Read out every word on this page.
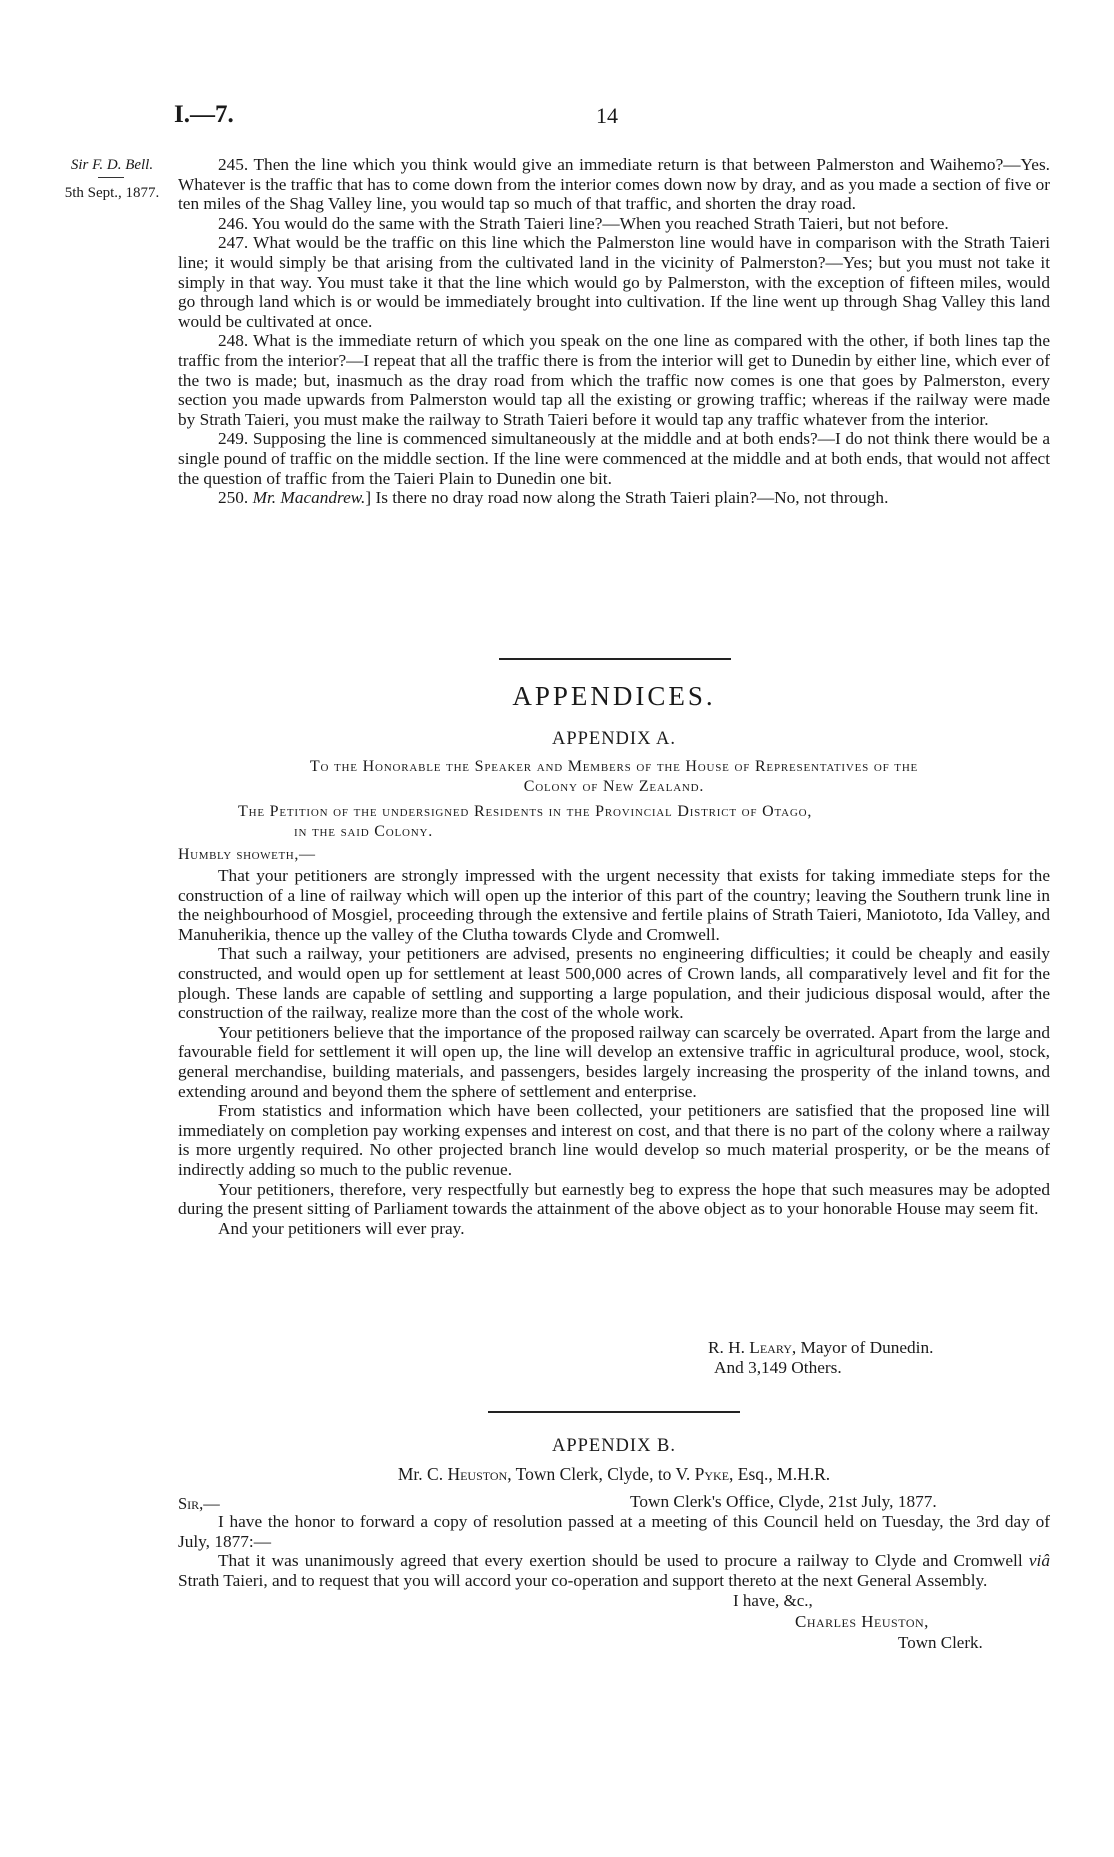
I.—7.	14
Sir F. D. Bell.
5th Sept., 1877.

245. Then the line which you think would give an immediate return is that between Palmerston and Waihemo?—Yes. Whatever is the traffic that has to come down from the interior comes down now by dray, and as you made a section of five or ten miles of the Shag Valley line, you would tap so much of that traffic, and shorten the dray road.

246. You would do the same with the Strath Taieri line?—When you reached Strath Taieri, but not before.

247. What would be the traffic on this line which the Palmerston line would have in comparison with the Strath Taieri line; it would simply be that arising from the cultivated land in the vicinity of Palmerston?—Yes; but you must not take it simply in that way. You must take it that the line which would go by Palmerston, with the exception of fifteen miles, would go through land which is or would be immediately brought into cultivation. If the line went up through Shag Valley this land would be cultivated at once.

248. What is the immediate return of which you speak on the one line as compared with the other, if both lines tap the traffic from the interior?—I repeat that all the traffic there is from the interior will get to Dunedin by either line, which ever of the two is made; but, inasmuch as the dray road from which the traffic now comes is one that goes by Palmerston, every section you made upwards from Palmerston would tap all the existing or growing traffic; whereas if the railway were made by Strath Taieri, you must make the railway to Strath Taieri before it would tap any traffic whatever from the interior.

249. Supposing the line is commenced simultaneously at the middle and at both ends?—I do not think there would be a single pound of traffic on the middle section. If the line were commenced at the middle and at both ends, that would not affect the question of traffic from the Taieri Plain to Dunedin one bit.

250. Mr. Macandrew.] Is there no dray road now along the Strath Taieri plain?—No, not through.

APPENDICES.
APPENDIX A.
To the Honorable the Speaker and Members of the House of Representatives of the
Colony of New Zealand.
The Petition of the undersigned Residents in the Provincial District of Otago,
in the said Colony.
Humbly showeth,—

That your petitioners are strongly impressed with the urgent necessity that exists for taking immediate steps for the construction of a line of railway which will open up the interior of this part of the country; leaving the Southern trunk line in the neighbourhood of Mosgiel, proceeding through the extensive and fertile plains of Strath Taieri, Maniototo, Ida Valley, and Manuherikia, thence up the valley of the Clutha towards Clyde and Cromwell.

That such a railway, your petitioners are advised, presents no engineering difficulties; it could be cheaply and easily constructed, and would open up for settlement at least 500,000 acres of Crown lands, all comparatively level and fit for the plough. These lands are capable of settling and supporting a large population, and their judicious disposal would, after the construction of the railway, realize more than the cost of the whole work.

Your petitioners believe that the importance of the proposed railway can scarcely be overrated. Apart from the large and favourable field for settlement it will open up, the line will develop an extensive traffic in agricultural produce, wool, stock, general merchandise, building materials, and passengers, besides largely increasing the prosperity of the inland towns, and extending around and beyond them the sphere of settlement and enterprise.

From statistics and information which have been collected, your petitioners are satisfied that the proposed line will immediately on completion pay working expenses and interest on cost, and that there is no part of the colony where a railway is more urgently required. No other projected branch line would develop so much material prosperity, or be the means of indirectly adding so much to the public revenue.

Your petitioners, therefore, very respectfully but earnestly beg to express the hope that such measures may be adopted during the present sitting of Parliament towards the attainment of the above object as to your honorable House may seem fit.

And your petitioners will ever pray.

R. H. Leary, Mayor of Dunedin.
And 3,149 Others.
APPENDIX B.
Mr. C. Heuston, Town Clerk, Clyde, to V. Pyke, Esq., M.H.R.
Sir,—	Town Clerk's Office, Clyde, 21st July, 1877.

I have the honor to forward a copy of resolution passed at a meeting of this Council held on Tuesday, the 3rd day of July, 1877:—

That it was unanimously agreed that every exertion should be used to procure a railway to Clyde and Cromwell viâ Strath Taieri, and to request that you will accord your co-operation and support thereto at the next General Assembly.

I have, &c.,
Charles Heuston,
Town Clerk.
